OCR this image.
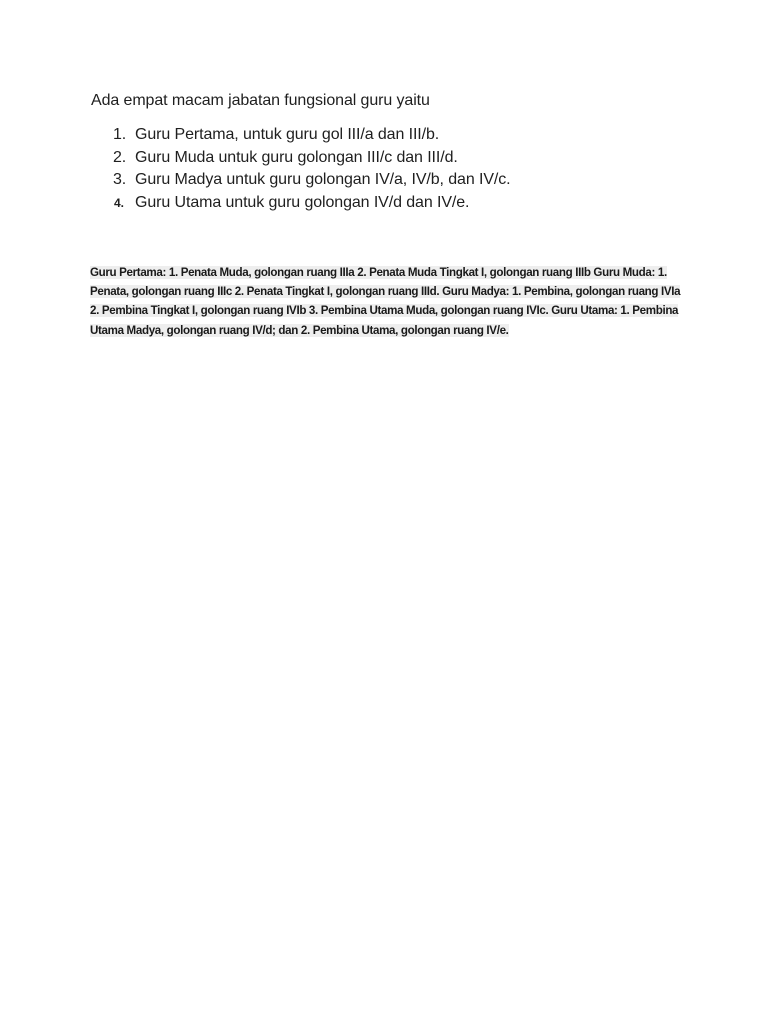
Ada empat macam jabatan fungsional guru yaitu

1. Guru Pertama, untuk guru gol III/a dan III/b.
2. Guru Muda untuk guru golongan III/c dan III/d.
3. Guru Madya untuk guru golongan IV/a, IV/b, dan IV/c.
4. Guru Utama untuk guru golongan IV/d dan IV/e.

Guru Pertama: 1. Penata Muda, golongan ruang IIIa 2. Penata Muda Tingkat I, golongan ruang IIIb Guru Muda: 1. Penata, golongan ruang IIIc 2. Penata Tingkat I, golongan ruang IIId. Guru Madya: 1. Pembina, golongan ruang IVIa 2. Pembina Tingkat I, golongan ruang IVIb 3. Pembina Utama Muda, golongan ruang IVIc. Guru Utama: 1. Pembina Utama Madya, golongan ruang IV/d; dan 2. Pembina Utama, golongan ruang IV/e.
